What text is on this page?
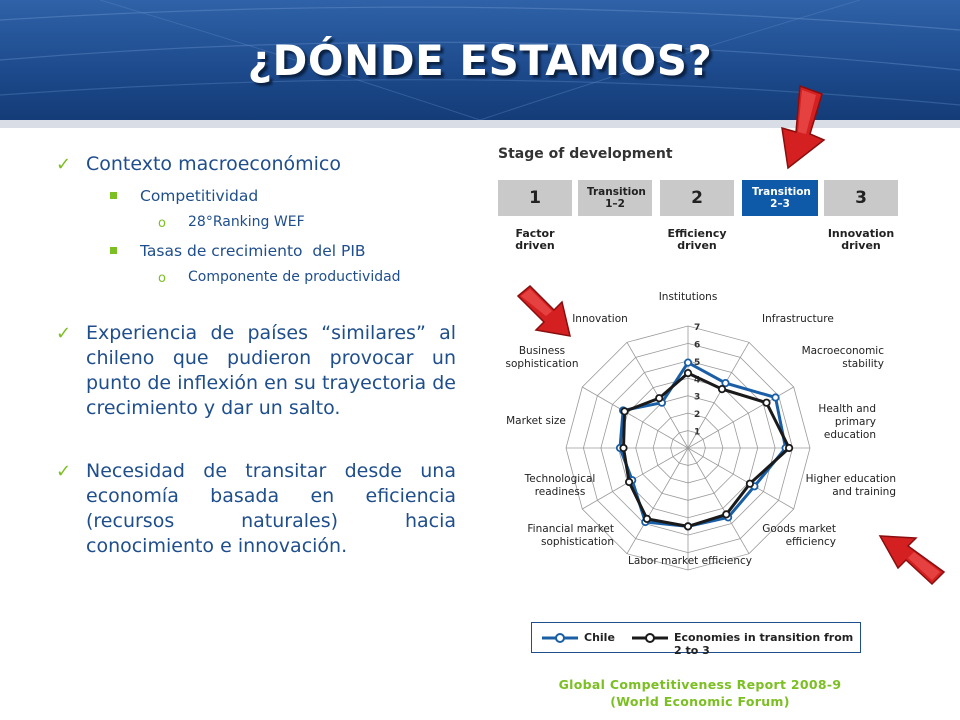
¿DÓNDE ESTAMOS?
✓ Contexto macroeconómico
Competitividad
o 28°Ranking WEF
Tasas de crecimiento  del PIB
o Componente de productividad
✓ Experiencia de países “similares” al chileno que pudieron provocar un punto de inflexión en su trayectoria de crecimiento y dar un salto.
✓ Necesidad de transitar desde una economía basada en eficiencia (recursos naturales) hacia conocimiento e innovación.
Stage of development
1	Transition 1–2	2	Transition 2–3	3
Factor driven
Efficiency driven
Innovation driven
1
2
3
4
5
6
7
Institutions
Infrastructure
Macroeconomic stability
Health and primary education
Higher education and training
Goods market efficiency
Labor market efficiency
Financial market sophistication
Technological readiness
Market size
Business sophistication
Innovation
Chile	Economies in transition from 2 to 3
Global Competitiveness Report 2008-9
(World Economic Forum)
